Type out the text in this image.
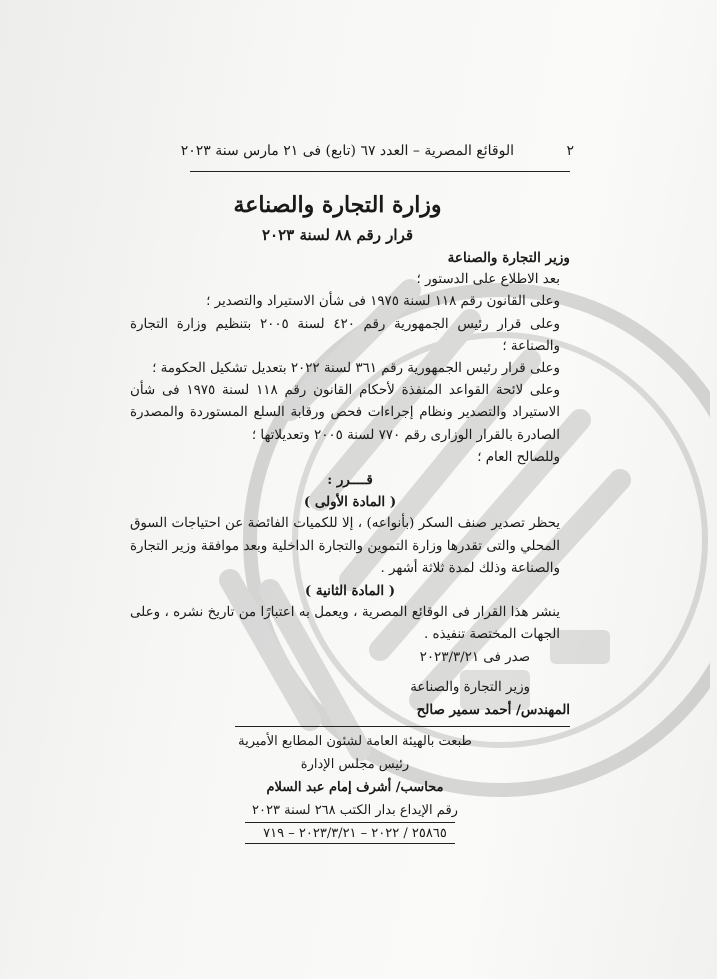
٢
الوقائع المصرية – العدد ٦٧ (تابع) فى ٢١ مارس سنة ٢٠٢٣
وزارة التجارة والصناعة
قرار رقم ٨٨ لسنة ٢٠٢٣

وزير التجارة والصناعة

بعد الاطلاع على الدستور ؛

وعلى القانون رقم ١١٨ لسنة ١٩٧٥ فى شأن الاستيراد والتصدير ؛

وعلى قرار رئيس الجمهورية رقم ٤٢٠ لسنة ٢٠٠٥ بتنظيم وزارة التجارة والصناعة ؛

وعلى قرار رئيس الجمهورية رقم ٣٦١ لسنة ٢٠٢٢ بتعديل تشكيل الحكومة ؛

وعلى لائحة القواعد المنفذة لأحكام القانون رقم ١١٨ لسنة ١٩٧٥ فى شأن الاستيراد والتصدير ونظام إجراءات فحص ورقابة السلع المستوردة والمصدرة الصادرة بالقرار الوزارى رقم ٧٧٠ لسنة ٢٠٠٥ وتعديلاتها ؛

وللصالح العام ؛

قــــرر :

( المادة الأولى )

يحظر تصدير صنف السكر (بأنواعه) ، إلا للكميات الفائضة عن احتياجات السوق المحلي والتى تقدرها وزارة التموين والتجارة الداخلية وبعد موافقة وزير التجارة والصناعة وذلك لمدة ثلاثة أشهر .

( المادة الثانية )

ينشر هذا القرار فى الوقائع المصرية ، ويعمل به اعتبارًا من تاريخ نشره ، وعلى الجهات المختصة تنفيذه .

صدر فى ٢٠٢٣/٣/٢١

وزير التجارة والصناعة

المهندس/ أحمد سمير صالح

طبعت بالهيئة العامة لشئون المطابع الأميرية
رئيس مجلس الإدارة
محاسب/ أشرف إمام عبد السلام
رقم الإيداع بدار الكتب ٢٦٨ لسنة ٢٠٢٣
٢٥٨٦٥ / ٢٠٢٢ – ٢٠٢٣/٣/٢١ – ٧١٩
